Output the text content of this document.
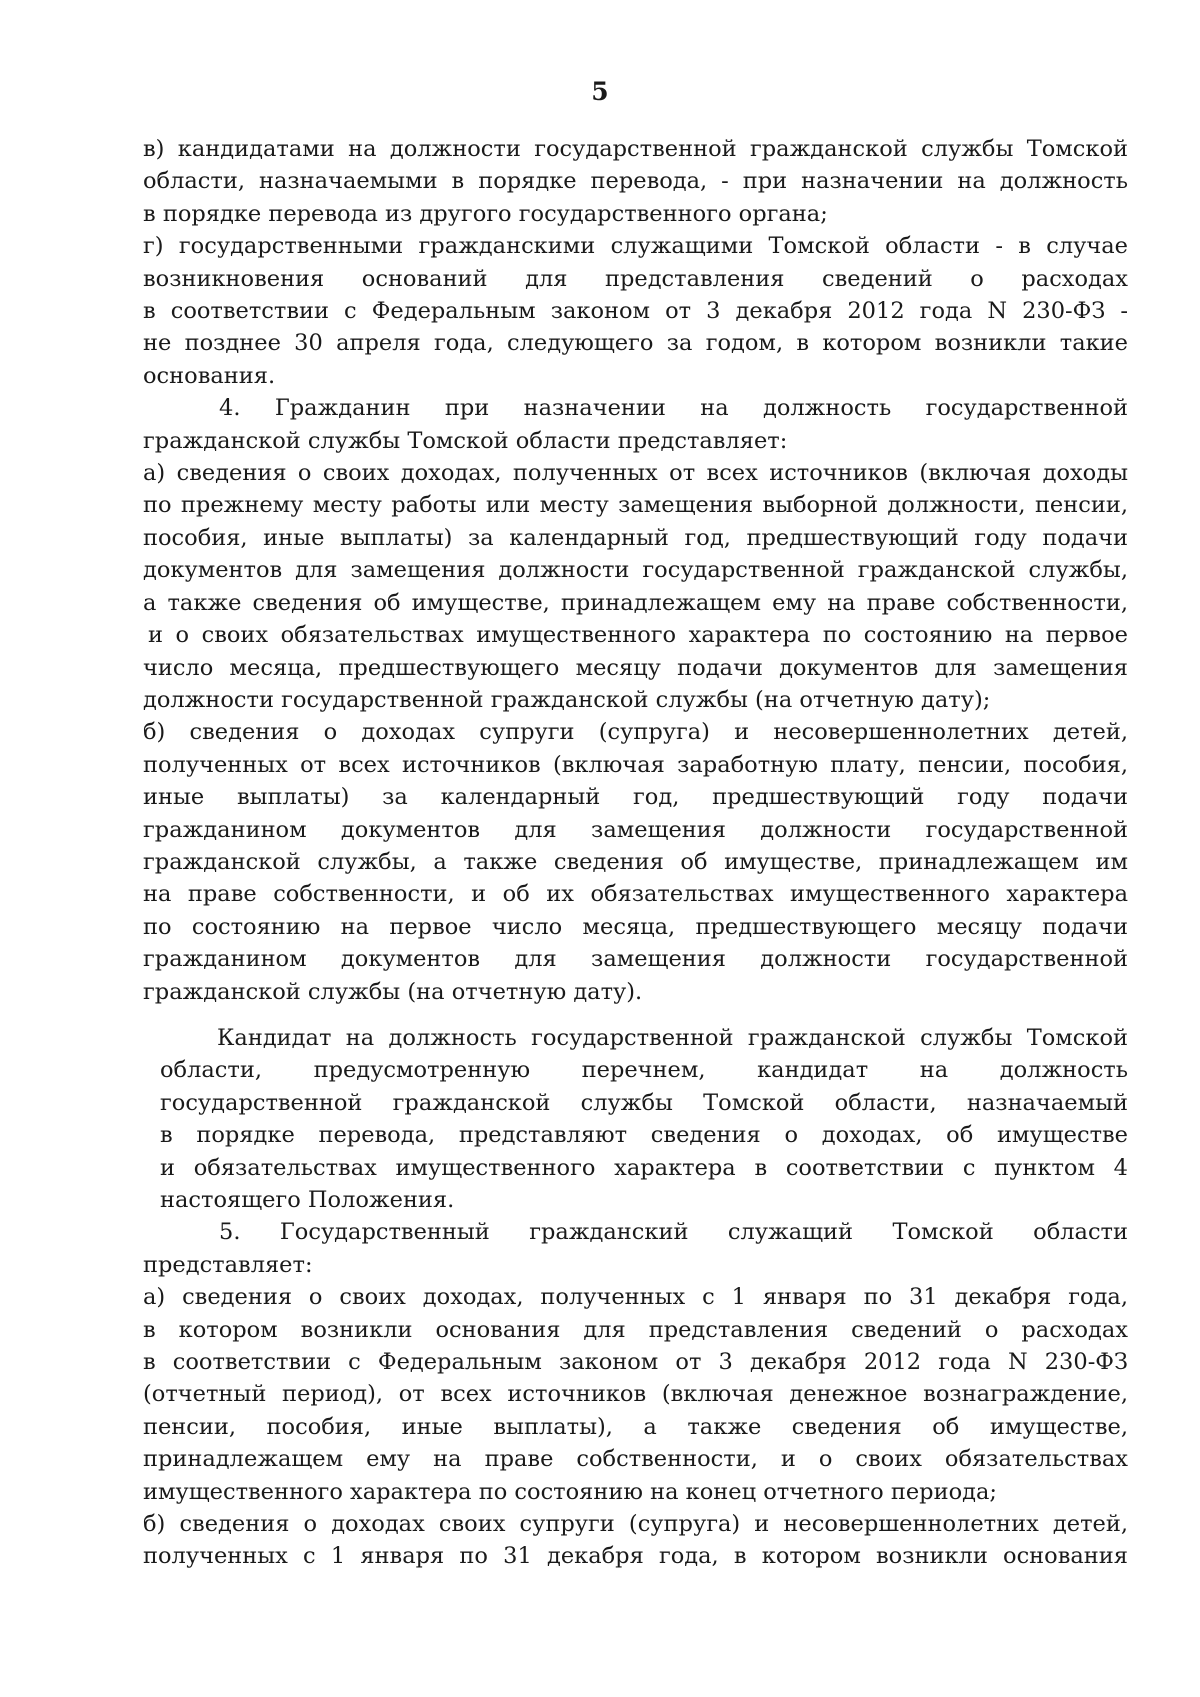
5
в) кандидатами на должности государственной гражданской службы Томской
области, назначаемыми в порядке перевода, - при назначении на должность
в порядке перевода из другого государственного органа;
г) государственными гражданскими служащими Томской области - в случае
возникновения оснований для представления сведений о расходах
в соответствии с Федеральным законом от 3 декабря 2012 года N 230-ФЗ -
не позднее 30 апреля года, следующего за годом, в котором возникли такие
основания.
4. Гражданин при назначении на должность государственной
гражданской службы Томской области представляет:
а) сведения о своих доходах, полученных от всех источников (включая доходы
по прежнему месту работы или месту замещения выборной должности, пенсии,
пособия, иные выплаты) за календарный год, предшествующий году подачи
документов для замещения должности государственной гражданской службы,
а также сведения об имуществе, принадлежащем ему на праве собственности,
и о своих обязательствах имущественного характера по состоянию на первое
число месяца, предшествующего месяцу подачи документов для замещения
должности государственной гражданской службы (на отчетную дату);
б) сведения о доходах супруги (супруга) и несовершеннолетних детей,
полученных от всех источников (включая заработную плату, пенсии, пособия,
иные выплаты) за календарный год, предшествующий году подачи
гражданином документов для замещения должности государственной
гражданской службы, а также сведения об имуществе, принадлежащем им
на праве собственности, и об их обязательствах имущественного характера
по состоянию на первое число месяца, предшествующего месяцу подачи
гражданином документов для замещения должности государственной
гражданской службы (на отчетную дату).
Кандидат на должность государственной гражданской службы Томской
области, предусмотренную перечнем, кандидат на должность
государственной гражданской службы Томской области, назначаемый
в порядке перевода, представляют сведения о доходах, об имуществе
и обязательствах имущественного характера в соответствии с пунктом 4
настоящего Положения.
5. Государственный гражданский служащий Томской области
представляет:
а) сведения о своих доходах, полученных с 1 января по 31 декабря года,
в котором возникли основания для представления сведений о расходах
в соответствии с Федеральным законом от 3 декабря 2012 года N 230-ФЗ
(отчетный период), от всех источников (включая денежное вознаграждение,
пенсии, пособия, иные выплаты), а также сведения об имуществе,
принадлежащем ему на праве собственности, и о своих обязательствах
имущественного характера по состоянию на конец отчетного периода;
б) сведения о доходах своих супруги (супруга) и несовершеннолетних детей,
полученных с 1 января по 31 декабря года, в котором возникли основания
